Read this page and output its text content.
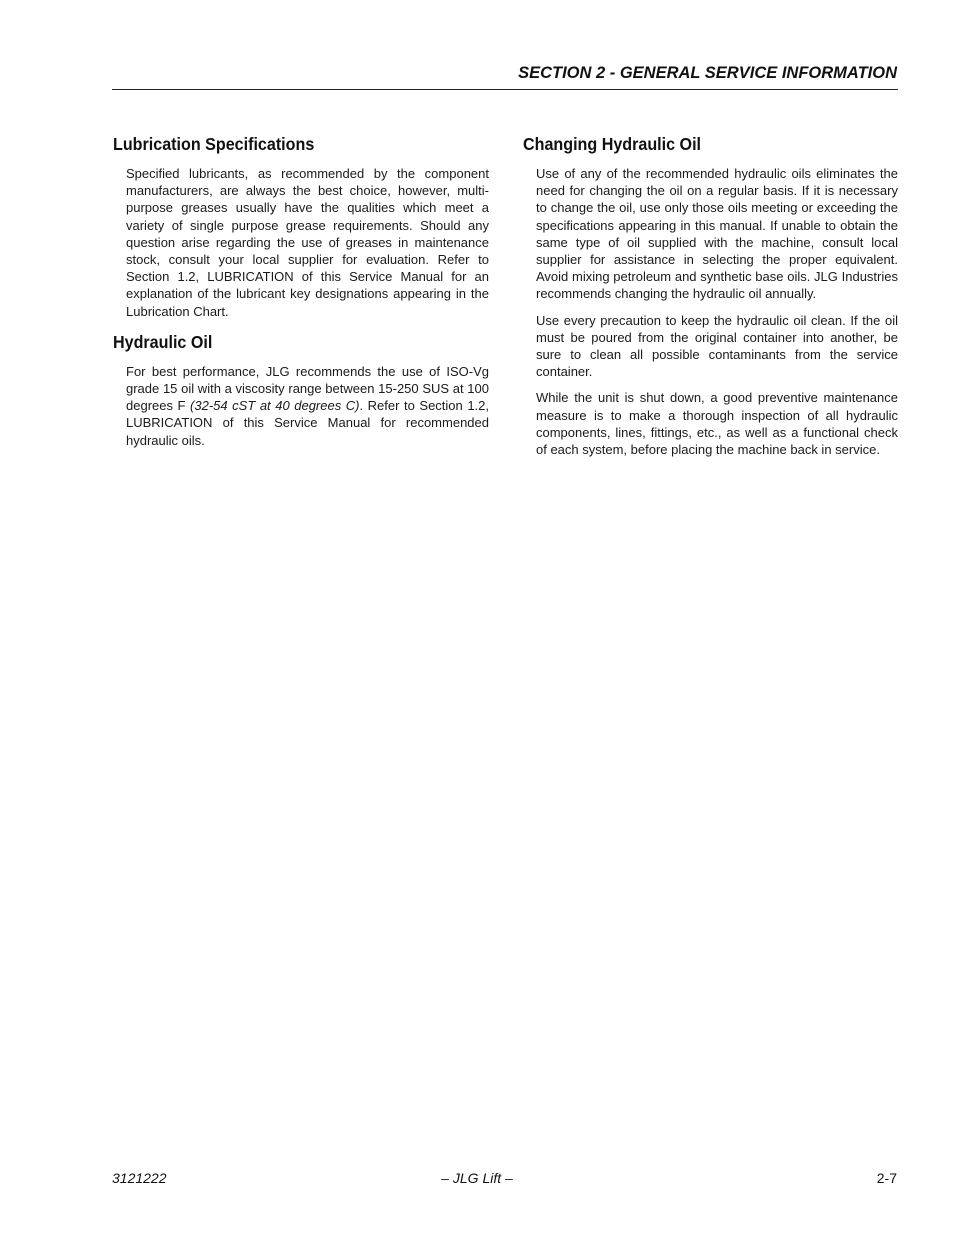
SECTION 2 - GENERAL SERVICE INFORMATION
Lubrication Specifications

Specified lubricants, as recommended by the component manufacturers, are always the best choice, however, multi-purpose greases usually have the qualities which meet a variety of single purpose grease requirements. Should any question arise regarding the use of greases in maintenance stock, consult your local supplier for evaluation. Refer to Section 1.2, LUBRICATION of this Service Manual for an explanation of the lubricant key designations appearing in the Lubrication Chart.

Hydraulic Oil

For best performance, JLG recommends the use of ISO-Vg grade 15 oil with a viscosity range between 15-250 SUS at 100 degrees F (32-54 cST at 40 degrees C). Refer to Section 1.2, LUBRICATION of this Service Manual for recommended hydraulic oils.

Changing Hydraulic Oil

Use of any of the recommended hydraulic oils eliminates the need for changing the oil on a regular basis. If it is necessary to change the oil, use only those oils meeting or exceeding the specifications appearing in this manual. If unable to obtain the same type of oil supplied with the machine, consult local supplier for assistance in selecting the proper equivalent. Avoid mixing petroleum and synthetic base oils. JLG Industries recommends changing the hydraulic oil annually.

Use every precaution to keep the hydraulic oil clean. If the oil must be poured from the original container into another, be sure to clean all possible contaminants from the service container.

While the unit is shut down, a good preventive maintenance measure is to make a thorough inspection of all hydraulic components, lines, fittings, etc., as well as a functional check of each system, before placing the machine back in service.

– JLG Lift –
3121222	2-7
